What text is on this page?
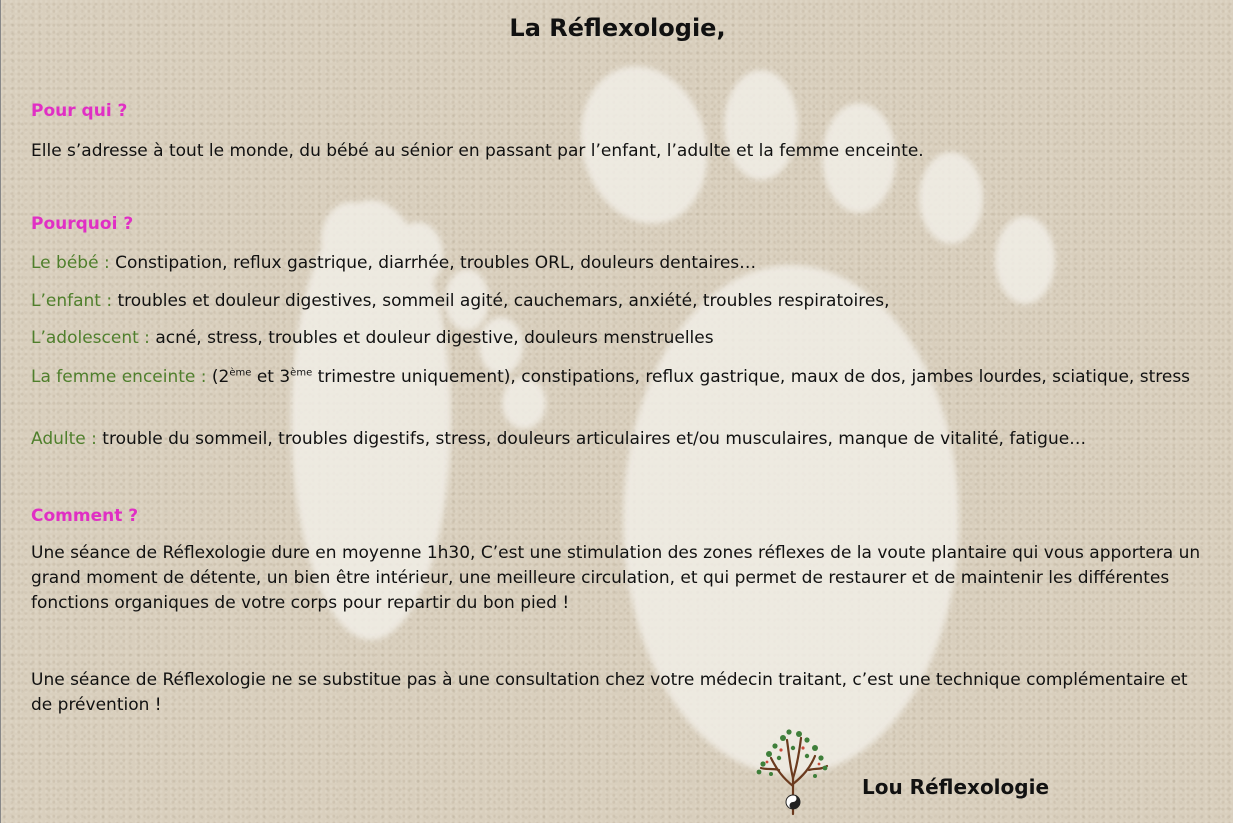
La Réflexologie,
Pour qui ?
Elle s’adresse à tout le monde, du bébé au sénior en passant par l’enfant, l’adulte et la femme enceinte.
Pourquoi ?
Le bébé : Constipation, reflux gastrique, diarrhée, troubles ORL, douleurs dentaires…
L’enfant : troubles et douleur digestives, sommeil agité, cauchemars, anxiété, troubles respiratoires,
L’adolescent : acné, stress, troubles et douleur digestive, douleurs menstruelles
La femme enceinte : (2ème et 3ème trimestre uniquement), constipations, reflux gastrique, maux de dos, jambes lourdes, sciatique, stress
Adulte : trouble du sommeil, troubles digestifs, stress, douleurs articulaires et/ou musculaires, manque de vitalité, fatigue…
Comment ?
Une séance de Réflexologie dure en moyenne 1h30, C’est une stimulation des zones réflexes de la voute plantaire qui vous apportera un grand moment de détente, un bien être intérieur, une meilleure circulation, et qui permet de restaurer et de maintenir les différentes fonctions organiques de votre corps pour repartir du bon pied !
Une séance de Réflexologie ne se substitue pas à une consultation chez votre médecin traitant, c’est une technique complémentaire et de prévention !
Lou Réflexologie
